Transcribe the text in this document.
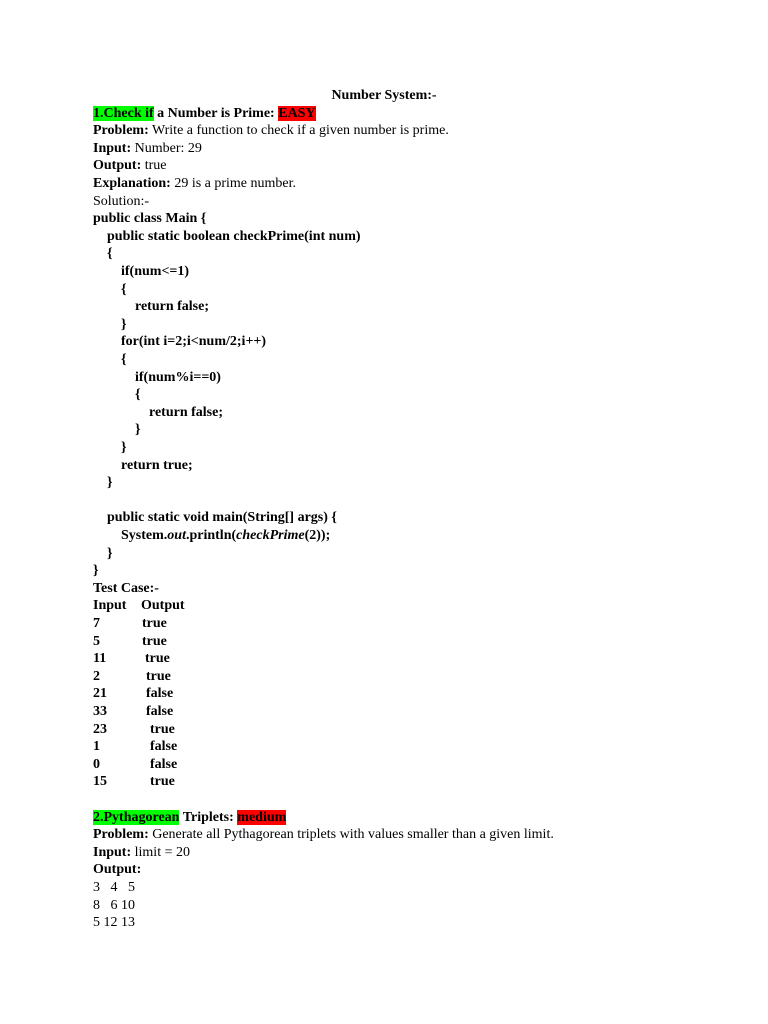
Number System:-
1.Check if a Number is Prime: EASY
Problem: Write a function to check if a given number is prime.
Input: Number: 29
Output: true
Explanation: 29 is a prime number.
Solution:-
public class Main {
public static boolean checkPrime(int num)
{
if(num<=1)
{
return false;
}
for(int i=2;i<num/2;i++)
{
if(num%i==0)
{
return false;
}
}
return true;
}
public static void main(String[] args) {
System.out.println(checkPrime(2));
}
}
Test Case:-
Input Output
7	true
5	true
11	true
2	true
21	false
33	false
23	true
1	false
0	false
15	true
2.Pythagorean Triplets: medium
Problem: Generate all Pythagorean triplets with values smaller than a given limit.
Input: limit = 20
Output:
3   4   5
8   6 10
5 12 13
